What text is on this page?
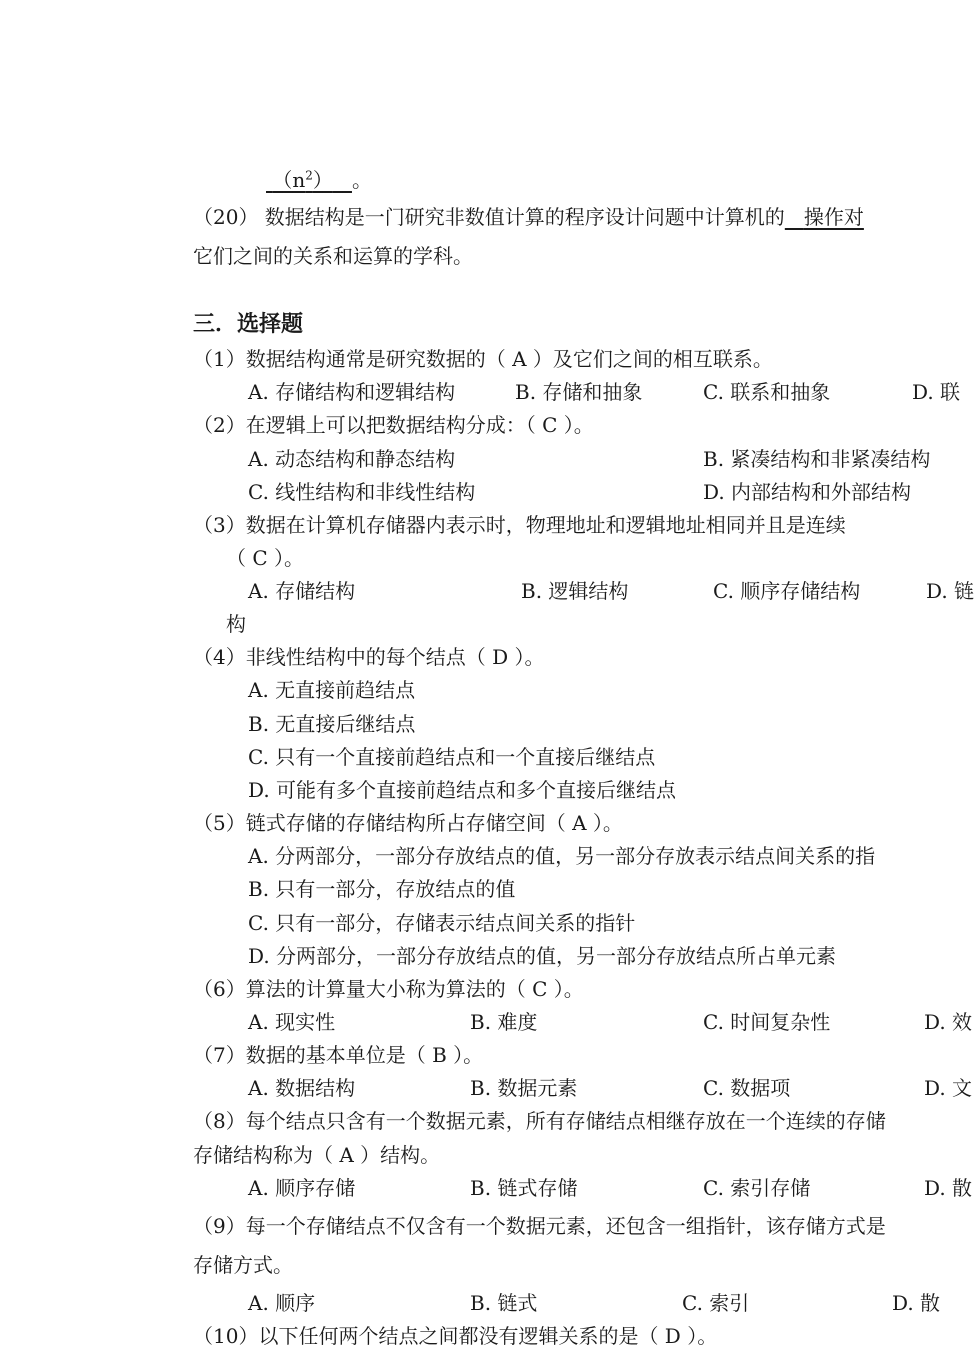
$(n^2)$ 。
（20） 数据结构是一门研究非数值计算的程序设计问题中计算机的 操作对
它们之间的关系和运算的学科。
三．选择题
（1）数据结构通常是研究数据的（ A ）及它们之间的相互联系。
A. 存储结构和逻辑结构	B. 存储和抽象	C. 联系和抽象	D. 联
（2）在逻辑上可以把数据结构分成：（ C ）。
A. 动态结构和静态结构	B. 紧凑结构和非紧凑结构
C. 线性结构和非线性结构	D. 内部结构和外部结构
（3）数据在计算机存储器内表示时，物理地址和逻辑地址相同并且是连续
（ C ）。
A. 存储结构	B. 逻辑结构	C. 顺序存储结构	D. 链
构
（4）非线性结构中的每个结点（ D ）。
A. 无直接前趋结点
B. 无直接后继结点
C. 只有一个直接前趋结点和一个直接后继结点
D. 可能有多个直接前趋结点和多个直接后继结点
（5）链式存储的存储结构所占存储空间（ A ）。
A. 分两部分，一部分存放结点的值，另一部分存放表示结点间关系的指
B. 只有一部分，存放结点的值
C. 只有一部分，存储表示结点间关系的指针
D. 分两部分，一部分存放结点的值，另一部分存放结点所占单元素
（6）算法的计算量大小称为算法的（ C ）。
A. 现实性	B. 难度	C. 时间复杂性	D. 效
（7）数据的基本单位是（ B ）。
A. 数据结构	B. 数据元素	C. 数据项	D. 文
（8）每个结点只含有一个数据元素，所有存储结点相继存放在一个连续的存储
存储结构称为（ A ）结构。
A. 顺序存储	B. 链式存储	C. 索引存储	D. 散
（9）每一个存储结点不仅含有一个数据元素，还包含一组指针，该存储方式是
存储方式。
A. 顺序	B. 链式	C. 索引	D. 散
（10）以下任何两个结点之间都没有逻辑关系的是（ D ）。
